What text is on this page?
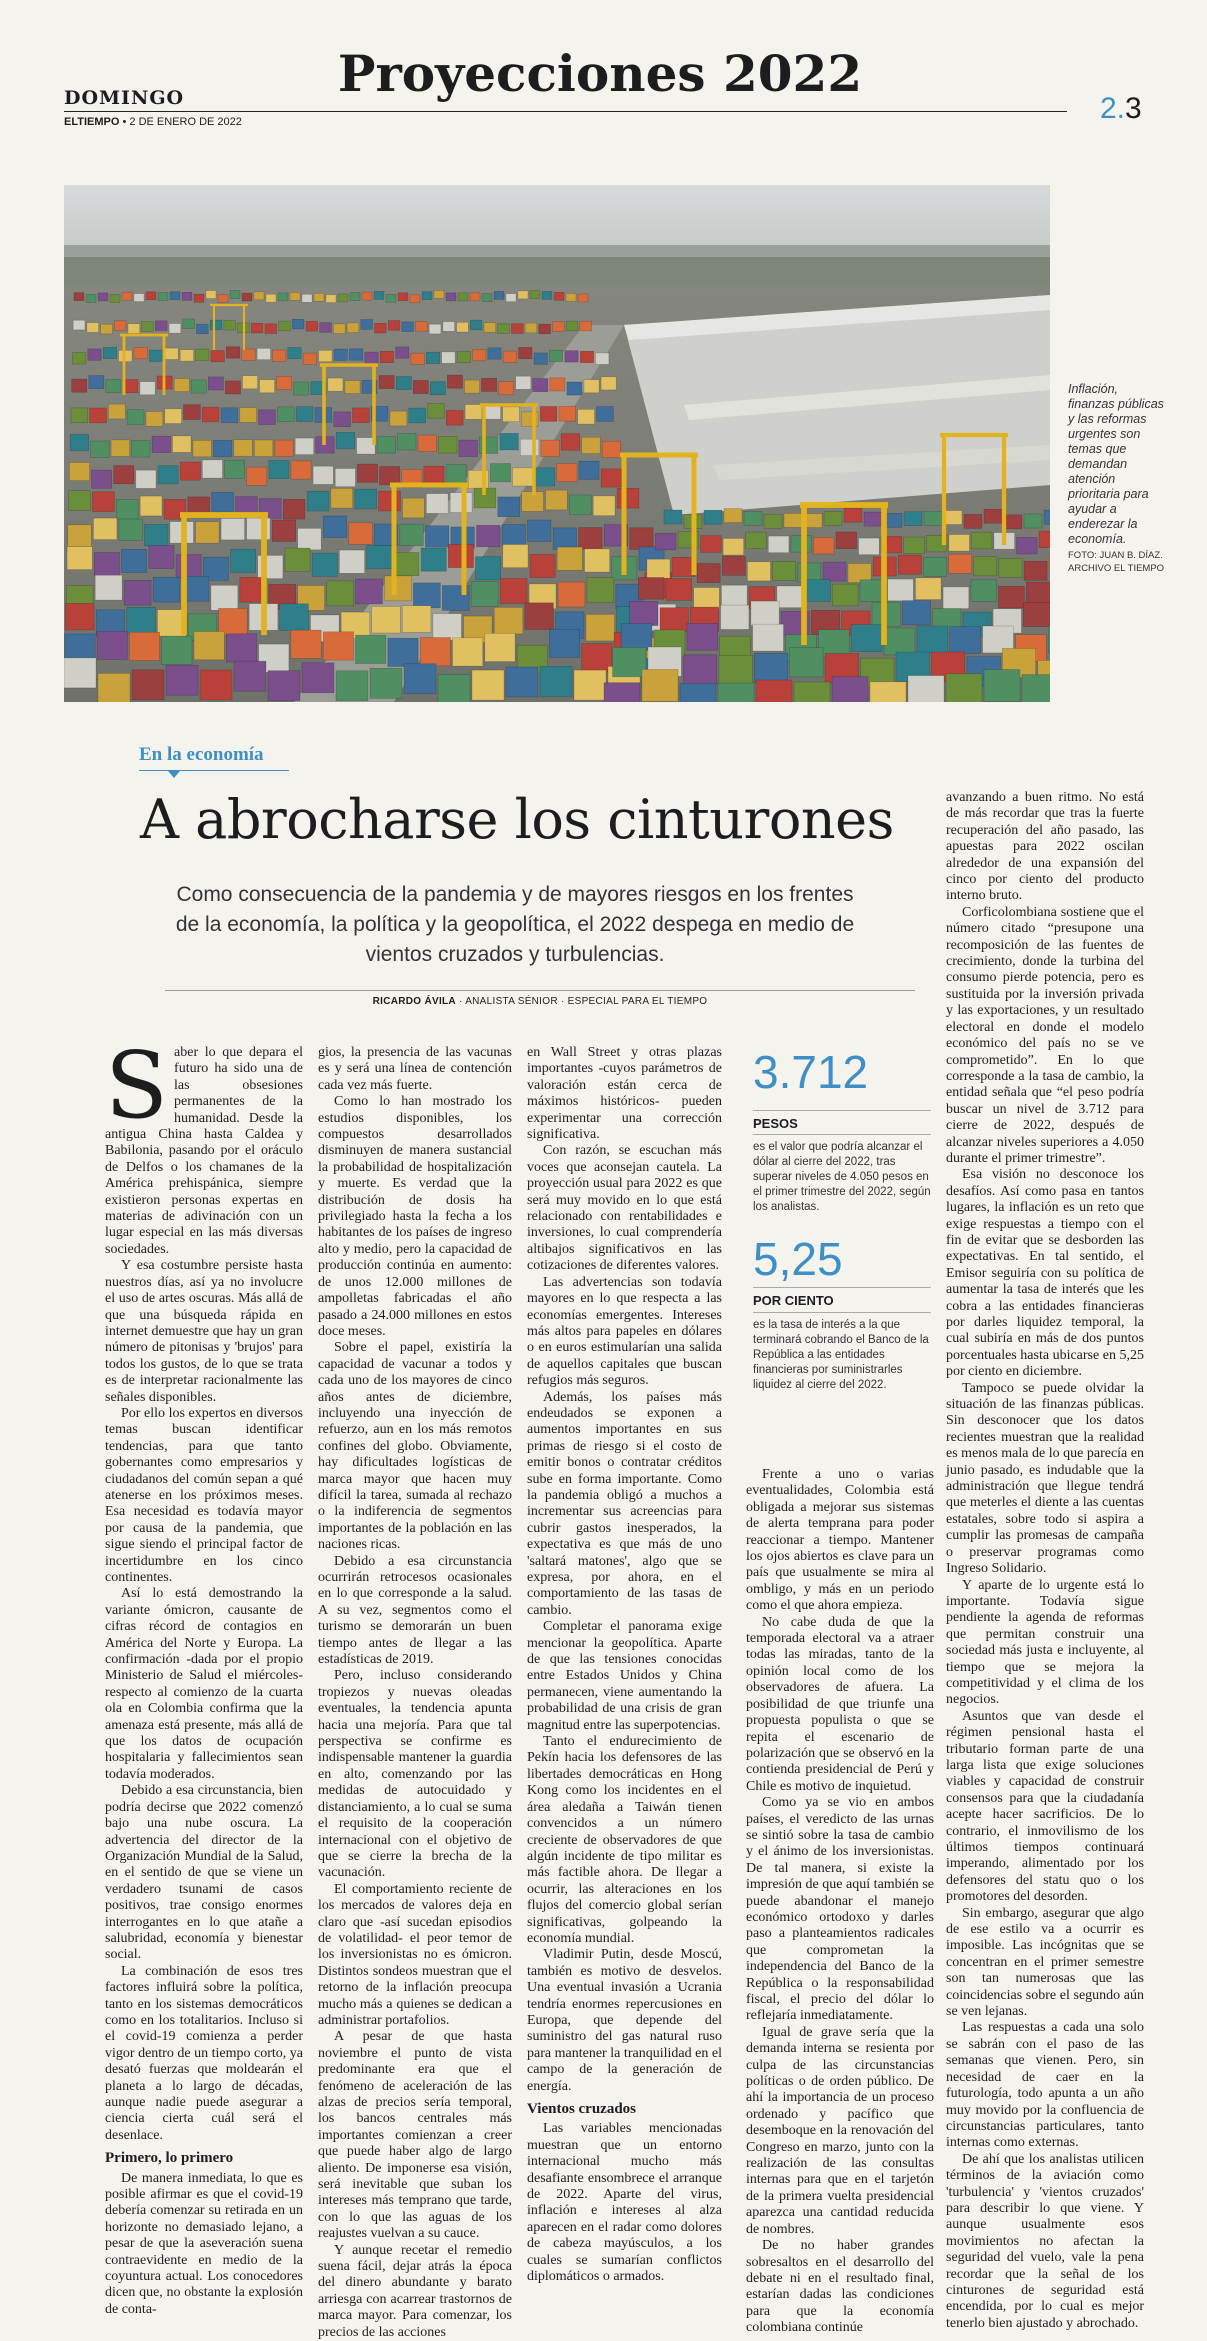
DOMINGO	Proyecciones 2022
ELTIEMPO • 2 DE ENERO DE 2022	2.3
Inflación, finanzas públicas y las reformas urgentes son temas que demandan atención prioritaria para ayudar a enderezar la economía.
FOTO: JUAN B. DÍAZ. ARCHIVO EL TIEMPO
En la economía
A abrocharse los cinturones
Como consecuencia de la pandemia y de mayores riesgos en los frentes de la economía, la política y la geopolítica, el 2022 despega en medio de vientos cruzados y turbulencias.
RICARDO ÁVILA · ANALISTA SÉNIOR · ESPECIAL PARA EL TIEMPO

Saber lo que depara el futuro ha sido una de las obsesiones permanentes de la humanidad. Desde la antigua China hasta Caldea y Babilonia, pasando por el oráculo de Delfos o los chamanes de la América prehispánica, siempre existieron personas expertas en materias de adivinación con un lugar especial en las más diversas sociedades.

Y esa costumbre persiste hasta nuestros días, así ya no involucre el uso de artes oscuras. Más allá de que una búsqueda rápida en internet demuestre que hay un gran número de pitonisas y 'brujos' para todos los gustos, de lo que se trata es de interpretar racionalmente las señales disponibles.

Por ello los expertos en diversos temas buscan identificar tendencias, para que tanto gobernantes como empresarios y ciudadanos del común sepan a qué atenerse en los próximos meses. Esa necesidad es todavía mayor por causa de la pandemia, que sigue siendo el principal factor de incertidumbre en los cinco continentes.

Así lo está demostrando la variante ómicron, causante de cifras récord de contagios en América del Norte y Europa. La confirmación -dada por el propio Ministerio de Salud el miércoles- respecto al comienzo de la cuarta ola en Colombia confirma que la amenaza está presente, más allá de que los datos de ocupación hospitalaria y fallecimientos sean todavía moderados.

Debido a esa circunstancia, bien podría decirse que 2022 comenzó bajo una nube oscura. La advertencia del director de la Organización Mundial de la Salud, en el sentido de que se viene un verdadero tsunami de casos positivos, trae consigo enormes interrogantes en lo que atañe a salubridad, economía y bienestar social.

La combinación de esos tres factores influirá sobre la política, tanto en los sistemas democráticos como en los totalitarios. Incluso si el covid-19 comienza a perder vigor dentro de un tiempo corto, ya desató fuerzas que moldearán el planeta a lo largo de décadas, aunque nadie puede asegurar a ciencia cierta cuál será el desenlace.

Primero, lo primero

De manera inmediata, lo que es posible afirmar es que el covid-19 debería comenzar su retirada en un horizonte no demasiado lejano, a pesar de que la aseveración suena contraevidente en medio de la coyuntura actual. Los conocedores dicen que, no obstante la explosión de conta-

gios, la presencia de las vacunas es y será una línea de contención cada vez más fuerte.

Como lo han mostrado los estudios disponibles, los compuestos desarrollados disminuyen de manera sustancial la probabilidad de hospitalización y muerte. Es verdad que la distribución de dosis ha privilegiado hasta la fecha a los habitantes de los países de ingreso alto y medio, pero la capacidad de producción continúa en aumento: de unos 12.000 millones de ampolletas fabricadas el año pasado a 24.000 millones en estos doce meses.

Sobre el papel, existiría la capacidad de vacunar a todos y cada uno de los mayores de cinco años antes de diciembre, incluyendo una inyección de refuerzo, aun en los más remotos confines del globo. Obviamente, hay dificultades logísticas de marca mayor que hacen muy difícil la tarea, sumada al rechazo o la indiferencia de segmentos importantes de la población en las naciones ricas.

Debido a esa circunstancia ocurrirán retrocesos ocasionales en lo que corresponde a la salud. A su vez, segmentos como el turismo se demorarán un buen tiempo antes de llegar a las estadísticas de 2019.

Pero, incluso considerando tropiezos y nuevas oleadas eventuales, la tendencia apunta hacia una mejoría. Para que tal perspectiva se confirme es indispensable mantener la guardia en alto, comenzando por las medidas de autocuidado y distanciamiento, a lo cual se suma el requisito de la cooperación internacional con el objetivo de que se cierre la brecha de la vacunación.

El comportamiento reciente de los mercados de valores deja en claro que -así sucedan episodios de volatilidad- el peor temor de los inversionistas no es ómicron. Distintos sondeos muestran que el retorno de la inflación preocupa mucho más a quienes se dedican a administrar portafolios.

A pesar de que hasta noviembre el punto de vista predominante era que el fenómeno de aceleración de las alzas de precios sería temporal, los bancos centrales más importantes comienzan a creer que puede haber algo de largo aliento. De imponerse esa visión, será inevitable que suban los intereses más temprano que tarde, con lo que las aguas de los reajustes vuelvan a su cauce.

Y aunque recetar el remedio suena fácil, dejar atrás la época del dinero abundante y barato arriesga con acarrear trastornos de marca mayor. Para comenzar, los precios de las acciones

en Wall Street y otras plazas importantes -cuyos parámetros de valoración están cerca de máximos históricos- pueden experimentar una corrección significativa.

Con razón, se escuchan más voces que aconsejan cautela. La proyección usual para 2022 es que será muy movido en lo que está relacionado con rentabilidades e inversiones, lo cual comprendería altibajos significativos en las cotizaciones de diferentes valores.

Las advertencias son todavía mayores en lo que respecta a las economías emergentes. Intereses más altos para papeles en dólares o en euros estimularían una salida de aquellos capitales que buscan refugios más seguros.

Además, los países más endeudados se exponen a aumentos importantes en sus primas de riesgo si el costo de emitir bonos o contratar créditos sube en forma importante. Como la pandemia obligó a muchos a incrementar sus acreencias para cubrir gastos inesperados, la expectativa es que más de uno 'saltará matones', algo que se expresa, por ahora, en el comportamiento de las tasas de cambio.

Completar el panorama exige mencionar la geopolítica. Aparte de que las tensiones conocidas entre Estados Unidos y China permanecen, viene aumentando la probabilidad de una crisis de gran magnitud entre las superpotencias.

Tanto el endurecimiento de Pekín hacia los defensores de las libertades democráticas en Hong Kong como los incidentes en el área aledaña a Taiwán tienen convencidos a un número creciente de observadores de que algún incidente de tipo militar es más factible ahora. De llegar a ocurrir, las alteraciones en los flujos del comercio global serían significativas, golpeando la economía mundial.

Vladimir Putin, desde Moscú, también es motivo de desvelos. Una eventual invasión a Ucrania tendría enormes repercusiones en Europa, que depende del suministro del gas natural ruso para mantener la tranquilidad en el campo de la generación de energía.

Vientos cruzados

Las variables mencionadas muestran que un entorno internacional mucho más desafiante ensombrece el arranque de 2022. Aparte del virus, inflación e intereses al alza aparecen en el radar como dolores de cabeza mayúsculos, a los cuales se sumarían conflictos diplomáticos o armados.

3.712
PESOS
es el valor que podría alcanzar el dólar al cierre del 2022, tras superar niveles de 4.050 pesos en el primer trimestre del 2022, según los analistas.
5,25
POR CIENTO
es la tasa de interés a la que terminará cobrando el Banco de la República a las entidades financieras por suministrarles liquidez al cierre del 2022.

Frente a uno o varias eventualidades, Colombia está obligada a mejorar sus sistemas de alerta temprana para poder reaccionar a tiempo. Mantener los ojos abiertos es clave para un país que usualmente se mira al ombligo, y más en un periodo como el que ahora empieza.

No cabe duda de que la temporada electoral va a atraer todas las miradas, tanto de la opinión local como de los observadores de afuera. La posibilidad de que triunfe una propuesta populista o que se repita el escenario de polarización que se observó en la contienda presidencial de Perú y Chile es motivo de inquietud.

Como ya se vio en ambos países, el veredicto de las urnas se sintió sobre la tasa de cambio y el ánimo de los inversionistas. De tal manera, si existe la impresión de que aquí también se puede abandonar el manejo económico ortodoxo y darles paso a planteamientos radicales que comprometan la independencia del Banco de la República o la responsabilidad fiscal, el precio del dólar lo reflejaría inmediatamente.

Igual de grave sería que la demanda interna se resienta por culpa de las circunstancias políticas o de orden público. De ahí la importancia de un proceso ordenado y pacífico que desemboque en la renovación del Congreso en marzo, junto con la realización de las consultas internas para que en el tarjetón de la primera vuelta presidencial aparezca una cantidad reducida de nombres.

De no haber grandes sobresaltos en el desarrollo del debate ni en el resultado final, estarían dadas las condiciones para que la economía colombiana continúe

avanzando a buen ritmo. No está de más recordar que tras la fuerte recuperación del año pasado, las apuestas para 2022 oscilan alrededor de una expansión del cinco por ciento del producto interno bruto.

Corficolombiana sostiene que el número citado “presupone una recomposición de las fuentes de crecimiento, donde la turbina del consumo pierde potencia, pero es sustituida por la inversión privada y las exportaciones, y un resultado electoral en donde el modelo económico del país no se ve comprometido”. En lo que corresponde a la tasa de cambio, la entidad señala que “el peso podría buscar un nivel de 3.712 para cierre de 2022, después de alcanzar niveles superiores a 4.050 durante el primer trimestre”.

Esa visión no desconoce los desafíos. Así como pasa en tantos lugares, la inflación es un reto que exige respuestas a tiempo con el fin de evitar que se desborden las expectativas. En tal sentido, el Emisor seguiría con su política de aumentar la tasa de interés que les cobra a las entidades financieras por darles liquidez temporal, la cual subiría en más de dos puntos porcentuales hasta ubicarse en 5,25 por ciento en diciembre.

Tampoco se puede olvidar la situación de las finanzas públicas. Sin desconocer que los datos recientes muestran que la realidad es menos mala de lo que parecía en junio pasado, es indudable que la administración que llegue tendrá que meterles el diente a las cuentas estatales, sobre todo si aspira a cumplir las promesas de campaña o preservar programas como Ingreso Solidario.

Y aparte de lo urgente está lo importante. Todavía sigue pendiente la agenda de reformas que permitan construir una sociedad más justa e incluyente, al tiempo que se mejora la competitividad y el clima de los negocios.

Asuntos que van desde el régimen pensional hasta el tributario forman parte de una larga lista que exige soluciones viables y capacidad de construir consensos para que la ciudadanía acepte hacer sacrificios. De lo contrario, el inmovilismo de los últimos tiempos continuará imperando, alimentado por los defensores del statu quo o los promotores del desorden.

Sin embargo, asegurar que algo de ese estilo va a ocurrir es imposible. Las incógnitas que se concentran en el primer semestre son tan numerosas que las coincidencias sobre el segundo aún se ven lejanas.

Las respuestas a cada una solo se sabrán con el paso de las semanas que vienen. Pero, sin necesidad de caer en la futurología, todo apunta a un año muy movido por la confluencia de circunstancias particulares, tanto internas como externas.

De ahí que los analistas utilicen términos de la aviación como 'turbulencia' y 'vientos cruzados' para describir lo que viene. Y aunque usualmente esos movimientos no afectan la seguridad del vuelo, vale la pena recordar que la señal de los cinturones de seguridad está encendida, por lo cual es mejor tenerlo bien ajustado y abrochado.
